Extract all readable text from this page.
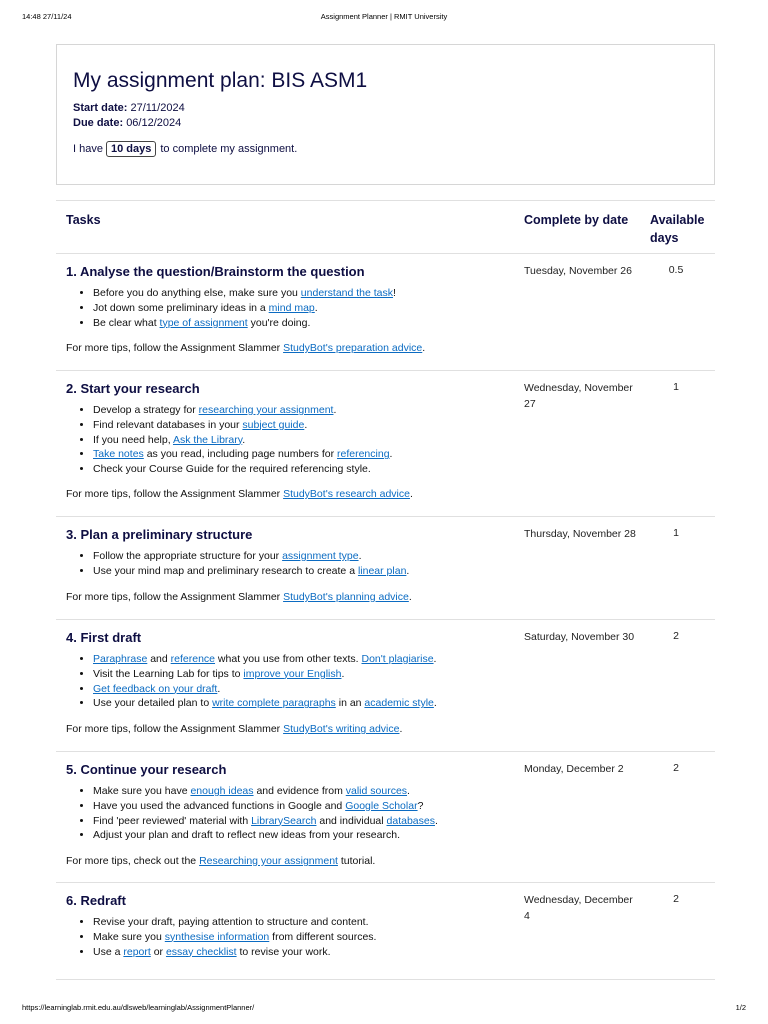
14:48 27/11/24	Assignment Planner | RMIT University
My assignment plan: BIS ASM1
Start date: 27/11/2024
Due date: 06/12/2024
I have 10 days to complete my assignment.
Tasks	Complete by date Available days
1. Analyse the question/Brainstorm the question
• Before you do anything else, make sure you understand the task!
• Jot down some preliminary ideas in a mind map.
• Be clear what type of assignment you're doing.
For more tips, follow the Assignment Slammer StudyBot's preparation advice.
Tuesday, November 26	0.5
2. Start your research
• Develop a strategy for researching your assignment.
• Find relevant databases in your subject guide.
• If you need help, Ask the Library.
• Take notes as you read, including page numbers for referencing.
• Check your Course Guide for the required referencing style.
For more tips, follow the Assignment Slammer StudyBot's research advice.
Wednesday, November 27
1
3. Plan a preliminary structure
• Follow the appropriate structure for your assignment type.
• Use your mind map and preliminary research to create a linear plan.
For more tips, follow the Assignment Slammer StudyBot's planning advice.
Thursday, November 28	1
4. First draft
• Paraphrase and reference what you use from other texts. Don't plagiarise.
• Visit the Learning Lab for tips to improve your English.
• Get feedback on your draft.
• Use your detailed plan to write complete paragraphs in an academic style.
For more tips, follow the Assignment Slammer StudyBot's writing advice.
Saturday, November 30	2
5. Continue your research
• Make sure you have enough ideas and evidence from valid sources.
• Have you used the advanced functions in Google and Google Scholar?
• Find 'peer reviewed' material with LibrarySearch and individual databases.
• Adjust your plan and draft to reflect new ideas from your research.
For more tips, check out the Researching your assignment tutorial.
Monday, December 2	2
6. Redraft
• Revise your draft, paying attention to structure and content.
• Make sure you synthesise information from different sources.
• Use a report or essay checklist to revise your work.
Wednesday, December 4
2
https://learninglab.rmit.edu.au/dlsweb/learninglab/AssignmentPlanner/	1/2
